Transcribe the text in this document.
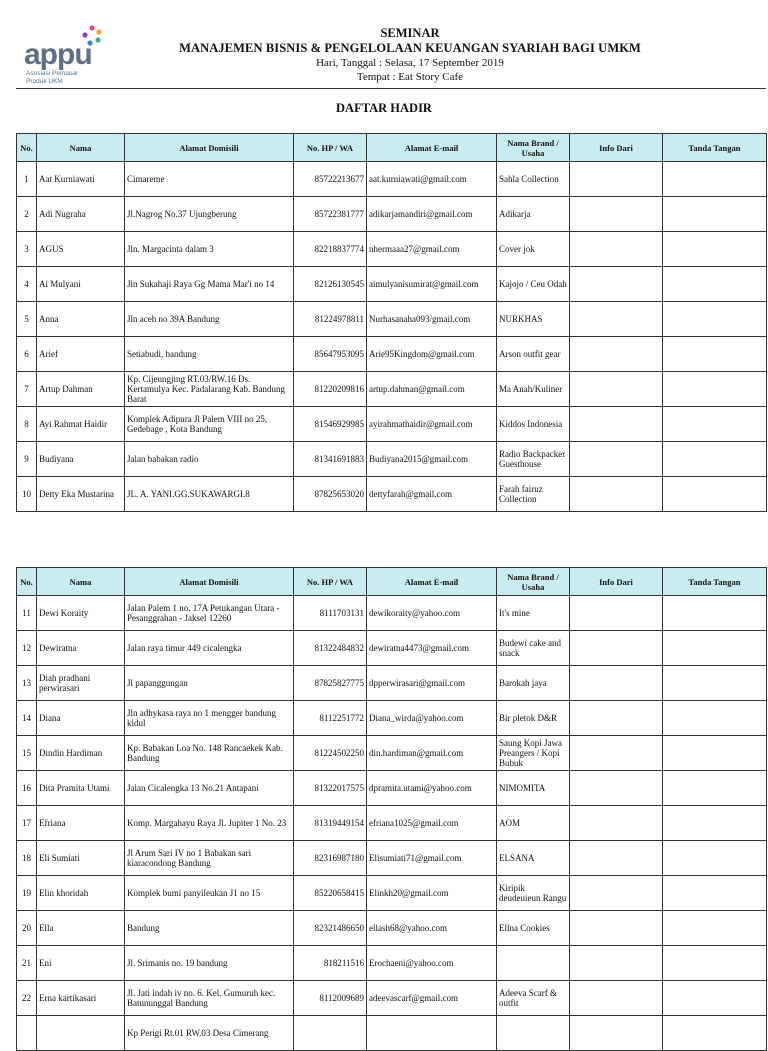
appu
Asosiasi Pemasar
Produk UKM
SEMINAR
MANAJEMEN BISNIS & PENGELOLAAN KEUANGAN SYARIAH BAGI UMKM
Hari, Tanggal : Selasa, 17 September 2019
Tempat : Eat Story Cafe
DAFTAR HADIR
No.	Nama	Alamat Domisili	No. HP / WA	Alamat E-mail	Nama Brand / Usaha	Info Dari	Tanda Tangan
1	Aat Kurniawati	Cimareme	85722213677	aat.kurniawati@gmail.com	Sahla Collection		
2	Adi Nugraha	Jl.Nagrog No.37 Ujungberung	85722381777	adikarjamandiri@gmail.com	Adikarja		
3	AGUS	Jln. Margacinta dalam 3	82218837774	nhermaaa27@gmail.com	Cover jok		
4	Ai Mulyani	Jln Sukahaji Raya Gg Mama Mar'i no 14	82126130545	aimulyanisumirat@gmail.com	Kajojo / Ceu Odah		
5	Anna	Jln aceh no 39A Bandung	81224978811	Nurhasanaha093/gmail.com	NURKHAS		
6	Arief	Setiabudi, bandung	85647953095	Arie95Kingdom@gmail.com	Arson outfit gear		
7	Artup Dahman	Kp. Cijeungjing RT.03/RW.16 Ds. Kertamulya Kec. Padalarang Kab. Bandung Barat	81220209816	artup.dahman@gmail.com	Ma Anah/Kuliner		
8	Ayi Rahmat Haidir	Komplek Adipura Jl Palem VIII no 25, Gedebage , Kota Bandung	81546929985	ayirahmathaidir@gmail.com	Kiddos Indonesia		
9	Budiyana	Jalan babakan radio	81341691883	Budiyana2015@gmail.com	Radio Backpacker Guesthouse		
10	Detty Eka Mustarina	JL. A. YANI.GG.SUKAWARGI.8	87825653020	dettyfarah@gmail.com	Farah fairuz Collection		
No.	Nama	Alamat Domisili	No. HP / WA	Alamat E-mail	Nama Brand / Usaha	Info Dari	Tanda Tangan
11	Dewi Koraity	Jalan Palem 1 no. 17A Petukangan Utara - Pesanggrahan - Jaksel 12260	8111703131	dewikoraity@yahoo.com	It's mine		
12	Dewiratna	Jalan raya timur 449 cicalengka	81322484832	dewiratna4473@gmail.com	Budewi cake and snack		
13	Diah pradhani perwirasari	Jl papanggungan	87825827775	dpperwirasari@gmail.com	Barokah jaya		
14	Diana	Jln adhykasa raya no 1 mengger bandung kidul	8112251772	Diana_wirda@yahoo.com	Bir pletok D&R		
15	Dindin Hardiman	Kp. Babakan Loa No. 148 Rancaekek Kab. Bandung	81224502250	din.hardiman@gmail.com	Saung Kopi Jawa Preangers / Kopi Bubuk		
16	Dita Pramita Utami	Jalan Cicalengka 13 No.21 Antapani	81322017575	dpramita.utami@yahoo.com	NIMOMITA		
17	Efriana	Komp. Margahayu Raya Jl. Jupiter 1 No. 23	81319449154	efriana1025@gmail.com	AOM		
18	Eli Sumiati	Jl Arum Sari IV no 1 Babakan sari kiaracondong Bandung	82316987180	Elisumiati71@gmail.com	ELSANA		
19	Elin khoridah	Komplek bumi panyileukan J1 no 15	85220658415	Elinkh20@gmail.com	Kiripik deudeuieun Rangu		
20	Ella	Bandung	82321486650	ellash68@yahoo.com	Ellna Cookies		
21	Eni	Jl. Srimanis no. 19 bandung	818211516	Erochaeni@yahoo.com			
22	Erna kartikasari	Jl. Jati indah iv no. 6. Kel. Gumuruh kec. Batununggal Bandung	8112009689	adeevascarf@gmail.com	Adeeva Scarf & outfit		
		Kp Perigi Rt.01 RW.03 Desa Cimerang					
